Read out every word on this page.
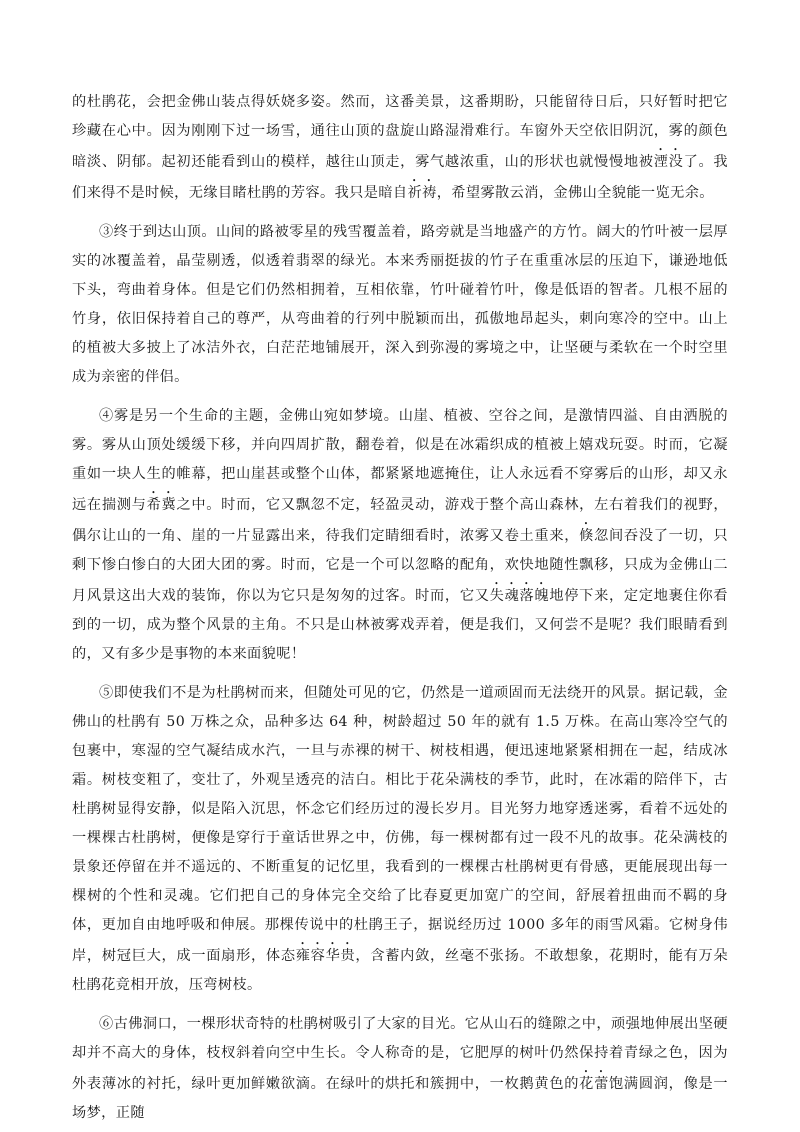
的杜鹃花，会把金佛山装点得妖娆多姿。然而，这番美景，这番期盼，只能留待日后，只好暂时把它珍藏在心中。因为刚刚下过一场雪，通往山顶的盘旋山路湿滑难行。车窗外天空依旧阴沉，雾的颜色暗淡、阴郁。起初还能看到山的模样，越往山顶走，雾气越浓重，山的形状也就慢慢地被湮没了。我们来得不是时候，无缘目睹杜鹃的芳容。我只是暗自祈祷，希望雾散云消，金佛山全貌能一览无余。

③终于到达山顶。山间的路被零星的残雪覆盖着，路旁就是当地盛产的方竹。阔大的竹叶被一层厚实的冰覆盖着，晶莹剔透，似透着翡翠的绿光。本来秀丽挺拔的竹子在重重冰层的压迫下，谦逊地低下头，弯曲着身体。但是它们仍然相拥着，互相依靠，竹叶碰着竹叶，像是低语的智者。几根不屈的竹身，依旧保持着自己的尊严，从弯曲着的行列中脱颖而出，孤傲地昂起头，刺向寒冷的空中。山上的植被大多披上了冰洁外衣，白茫茫地铺展开，深入到弥漫的雾境之中，让坚硬与柔软在一个时空里成为亲密的伴侣。

④雾是另一个生命的主题，金佛山宛如梦境。山崖、植被、空谷之间，是激情四溢、自由洒脱的雾。雾从山顶处缓缓下移，并向四周扩散，翻卷着，似是在冰霜织成的植被上嬉戏玩耍。时而，它凝重如一块人生的帷幕，把山崖甚或整个山体，都紧紧地遮掩住，让人永远看不穿雾后的山形，却又永远在揣测与希冀之中。时而，它又飘忽不定，轻盈灵动，游戏于整个高山森林，左右着我们的视野，偶尔让山的一角、崖的一片显露出来，待我们定睛细看时，浓雾又卷土重来，倏忽间吞没了一切，只剩下惨白惨白的大团大团的雾。时而，它是一个可以忽略的配角，欢快地随性飘移，只成为金佛山二月风景这出大戏的装饰，你以为它只是匆匆的过客。时而，它又失魂落魄地停下来，定定地裹住你看到的一切，成为整个风景的主角。不只是山林被雾戏弄着，便是我们，又何尝不是呢？我们眼睛看到的，又有多少是事物的本来面貌呢！

⑤即使我们不是为杜鹃树而来，但随处可见的它，仍然是一道顽固而无法绕开的风景。据记载，金佛山的杜鹃有 50 万株之众，品种多达 64 种，树龄超过 50 年的就有 1.5 万株。在高山寒冷空气的包裹中，寒湿的空气凝结成水汽，一旦与赤裸的树干、树枝相遇，便迅速地紧紧相拥在一起，结成冰霜。树枝变粗了，变壮了，外观呈透亮的洁白。相比于花朵满枝的季节，此时，在冰霜的陪伴下，古杜鹃树显得安静，似是陷入沉思，怀念它们经历过的漫长岁月。目光努力地穿透迷雾，看着不远处的一棵棵古杜鹃树，便像是穿行于童话世界之中，仿佛，每一棵树都有过一段不凡的故事。花朵满枝的景象还停留在并不遥远的、不断重复的记忆里，我看到的一棵棵古杜鹃树更有骨感，更能展现出每一棵树的个性和灵魂。它们把自己的身体完全交给了比春夏更加宽广的空间，舒展着扭曲而不羁的身体，更加自由地呼吸和伸展。那棵传说中的杜鹃王子，据说经历过 1000 多年的雨雪风霜。它树身伟岸，树冠巨大，成一面扇形，体态雍容华贵，含蓄内敛，丝毫不张扬。不敢想象，花期时，能有万朵杜鹃花竞相开放，压弯树枝。

⑥古佛洞口，一棵形状奇特的杜鹃树吸引了大家的目光。它从山石的缝隙之中，顽强地伸展出坚硬却并不高大的身体，枝杈斜着向空中生长。令人称奇的是，它肥厚的树叶仍然保持着青绿之色，因为外表薄冰的衬托，绿叶更加鲜嫩欲滴。在绿叶的烘托和簇拥中，一枚鹅黄色的花蕾饱满圆润，像是一场梦，正随
